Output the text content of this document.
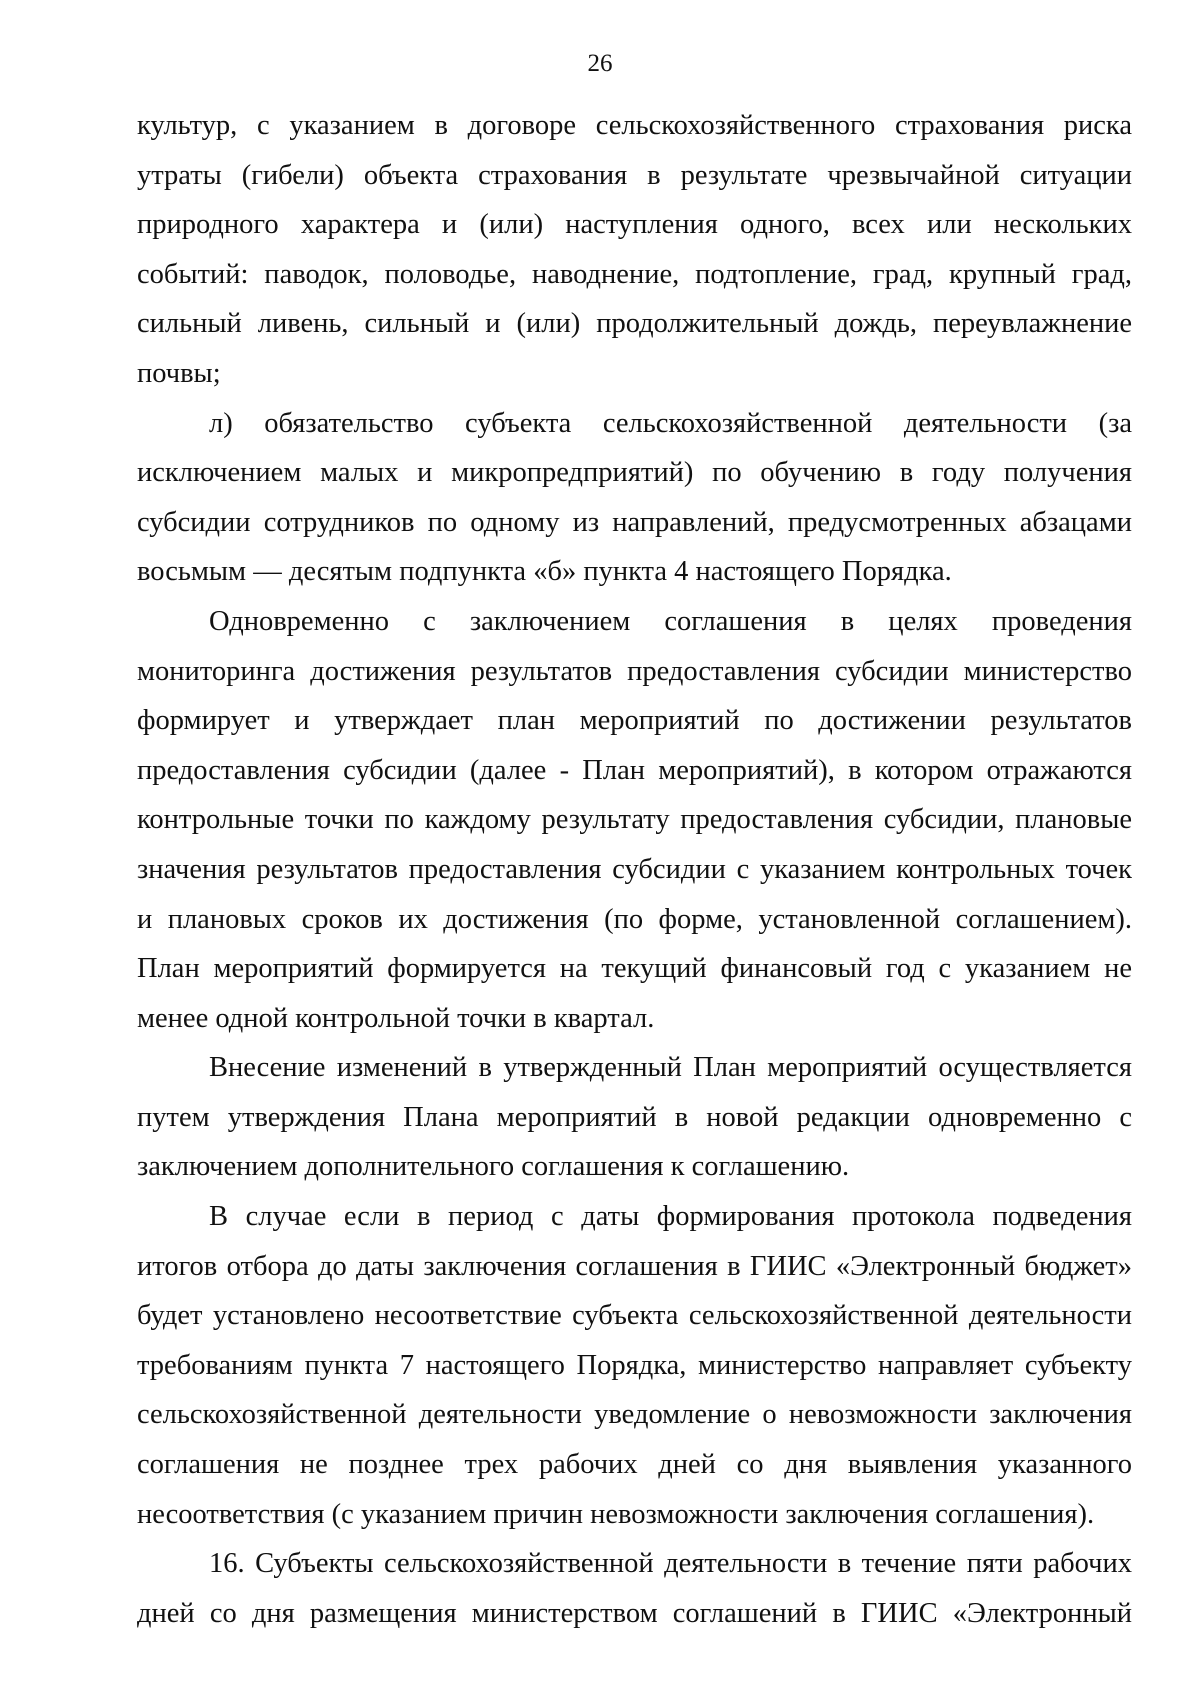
26
культур, с указанием в договоре сельскохозяйственного страхования риска
утраты (гибели) объекта страхования в результате чрезвычайной ситуации
природного характера и (или) наступления одного, всех или нескольких
событий: паводок, половодье, наводнение, подтопление, град, крупный град,
сильный ливень, сильный и (или) продолжительный дождь, переувлажнение
почвы;
л) обязательство субъекта сельскохозяйственной деятельности (за
исключением малых и микропредприятий) по обучению в году получения
субсидии сотрудников по одному из направлений, предусмотренных абзацами
восьмым — десятым подпункта «б» пункта 4 настоящего Порядка.
Одновременно с заключением соглашения в целях проведения
мониторинга достижения результатов предоставления субсидии министерство
формирует и утверждает план мероприятий по достижении результатов
предоставления субсидии (далее - План мероприятий), в котором отражаются
контрольные точки по каждому результату предоставления субсидии, плановые
значения результатов предоставления субсидии с указанием контрольных точек
и плановых сроков их достижения (по форме, установленной соглашением).
План мероприятий формируется на текущий финансовый год с указанием не
менее одной контрольной точки в квартал.
Внесение изменений в утвержденный План мероприятий осуществляется
путем утверждения Плана мероприятий в новой редакции одновременно с
заключением дополнительного соглашения к соглашению.
В случае если в период с даты формирования протокола подведения
итогов отбора до даты заключения соглашения в ГИИС «Электронный бюджет»
будет установлено несоответствие субъекта сельскохозяйственной деятельности
требованиям пункта 7 настоящего Порядка, министерство направляет субъекту
сельскохозяйственной деятельности уведомление о невозможности заключения
соглашения не позднее трех рабочих дней со дня выявления указанного
несоответствия (с указанием причин невозможности заключения соглашения).
16. Субъекты сельскохозяйственной деятельности в течение пяти рабочих
дней со дня размещения министерством соглашений в ГИИС «Электронный
